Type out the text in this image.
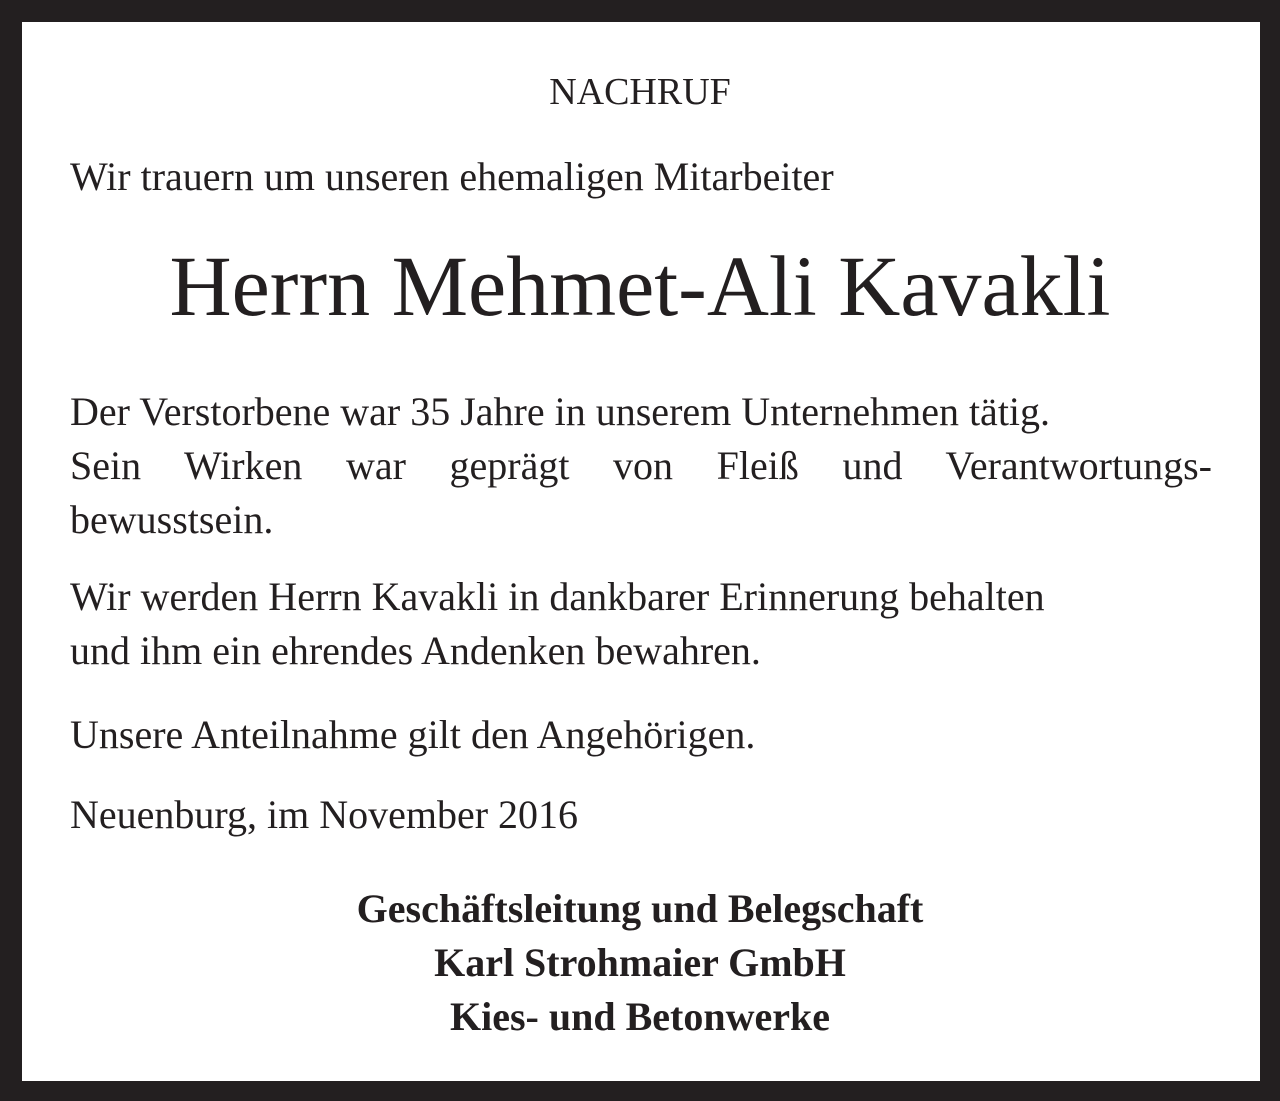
NACHRUF
Wir trauern um unseren ehemaligen Mitarbeiter
Herrn Mehmet-Ali Kavakli
Der Verstorbene war 35 Jahre in unserem Unternehmen tätig.
Sein Wirken war geprägt von Fleiß und Verantwortungs-
bewusstsein.
Wir werden Herrn Kavakli in dankbarer Erinnerung behalten
und ihm ein ehrendes Andenken bewahren.
Unsere Anteilnahme gilt den Angehörigen.
Neuenburg, im November 2016
Geschäftsleitung und Belegschaft
Karl Strohmaier GmbH
Kies- und Betonwerke
